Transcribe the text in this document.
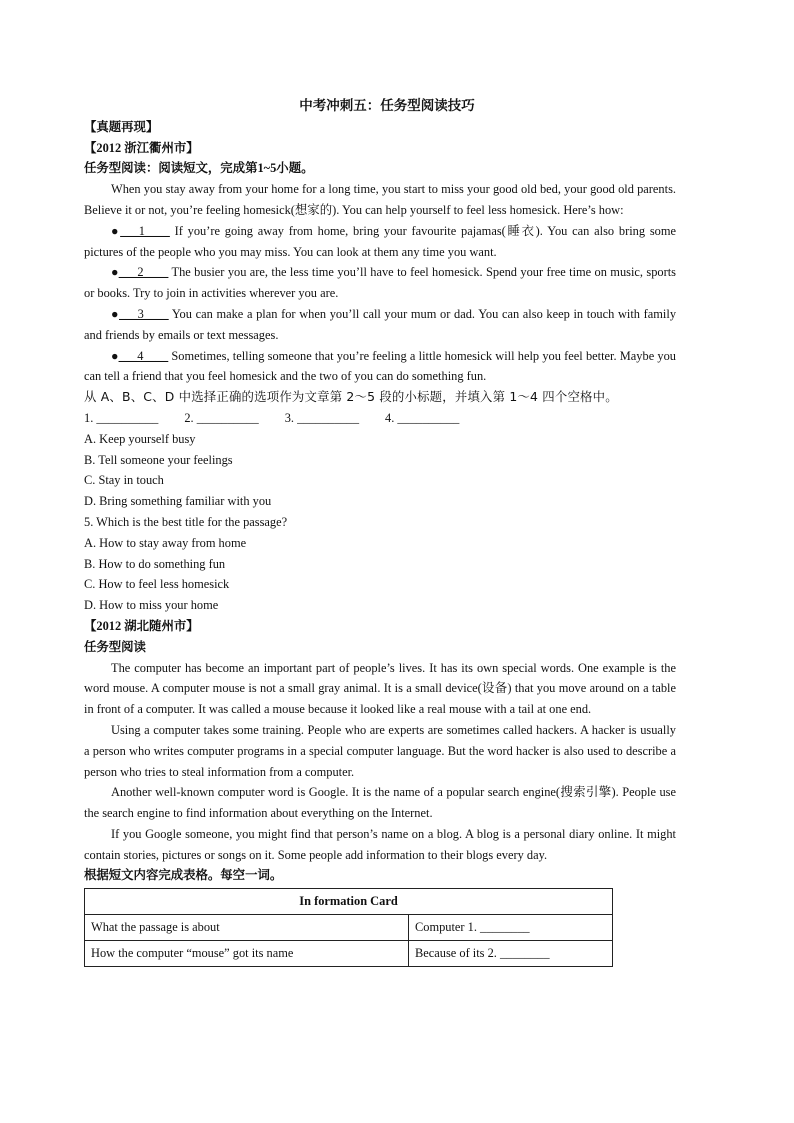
中考冲刺五：任务型阅读技巧
【真题再现】
【2012 浙江衢州市】
任务型阅读：阅读短文，完成第1~5小题。

When you stay away from your home for a long time, you start to miss your good old bed, your good old parents. Believe it or not, you’re feeling homesick(想家的). You can help yourself to feel less homesick. Here’s how:

●___1____ If you’re going away from home, bring your favourite pajamas(睡衣). You can also bring some pictures of the people who you may miss. You can look at them any time you want.

●___2____ The busier you are, the less time you’ll have to feel homesick. Spend your free time on music, sports or books. Try to join in activities wherever you are.

●___3____ You can make a plan for when you’ll call your mum or dad. You can also keep in touch with family and friends by emails or text messages.

●___4____ Sometimes, telling someone that you’re feeling a little homesick will help you feel better. Maybe you can tell a friend that you feel homesick and the two of you can do something fun.

从 A、B、C、D 中选择正确的选项作为文章第 2～5 段的小标题，并填入第 1～4 四个空格中。
1. __________ 2. __________ 3. __________ 4. __________
A. Keep yourself busy
B. Tell someone your feelings
C. Stay in touch
D. Bring something familiar with you
5. Which is the best title for the passage?
A. How to stay away from home
B. How to do something fun
C. How to feel less homesick
D. How to miss your home
【2012 湖北随州市】
任务型阅读

The computer has become an important part of people’s lives. It has its own special words. One example is the word mouse. A computer mouse is not a small gray animal. It is a small device(设备) that you move around on a table in front of a computer. It was called a mouse because it looked like a real mouse with a tail at one end.

Using a computer takes some training. People who are experts are sometimes called hackers. A hacker is usually a person who writes computer programs in a special computer language. But the word hacker is also used to describe a person who tries to steal information from a computer.

Another well-known computer word is Google. It is the name of a popular search engine(搜索引擎). People use the search engine to find information about everything on the Internet.

If you Google someone, you might find that person’s name on a blog. A blog is a personal diary online. It might contain stories, pictures or songs on it. Some people add information to their blogs every day.

根据短文内容完成表格。每空一词。
In formation Card	
What the passage is about	Computer 1. ________
How the computer “mouse” got its name	Because of its 2. ________
